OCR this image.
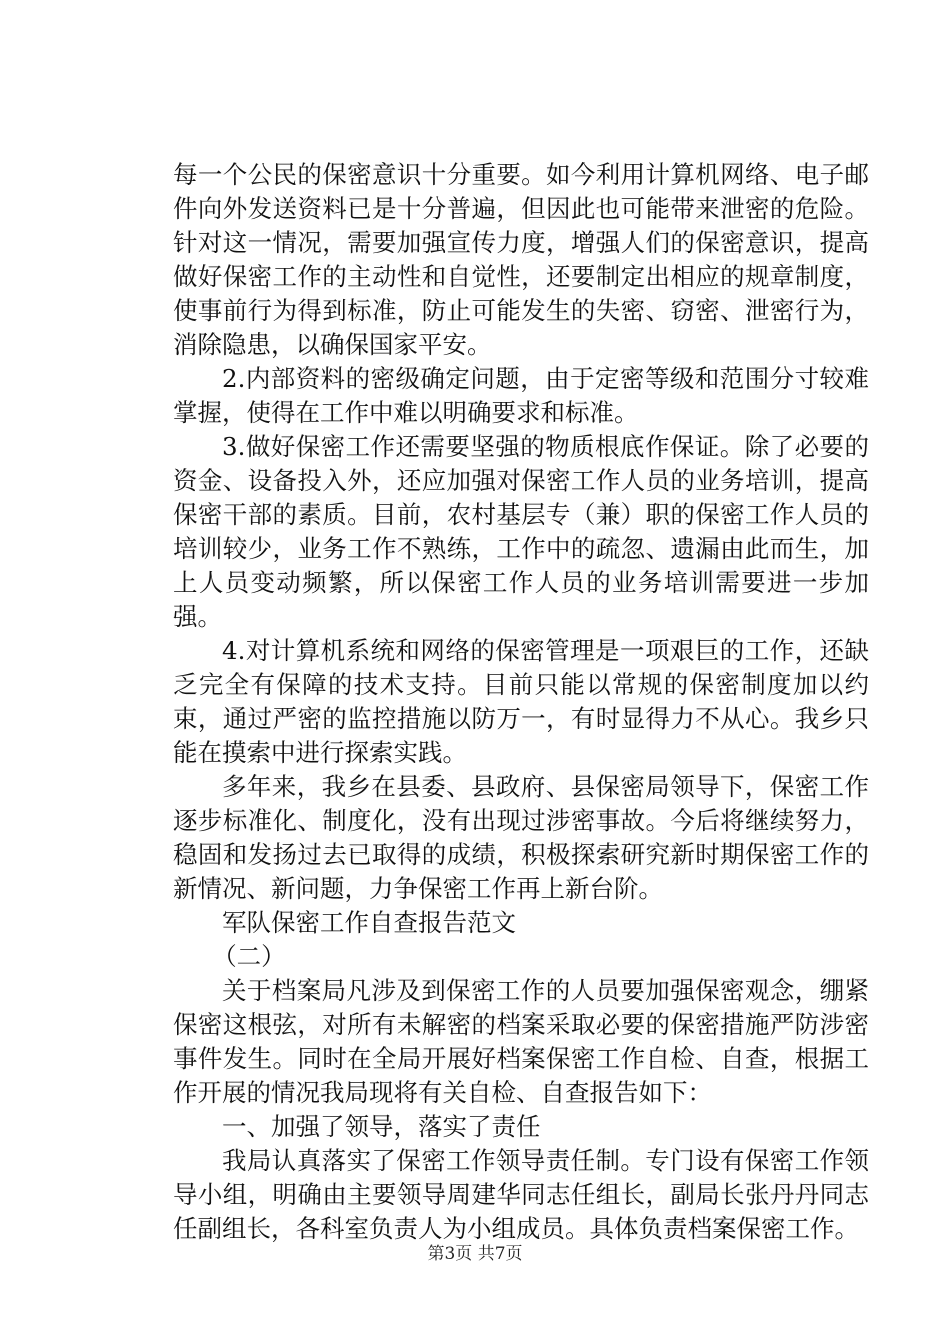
每一个公民的保密意识十分重要。如今利用计算机网络、电子邮件向外发送资料已是十分普遍，但因此也可能带来泄密的危险。针对这一情况，需要加强宣传力度，增强人们的保密意识，提高做好保密工作的主动性和自觉性，还要制定出相应的规章制度，使事前行为得到标准，防止可能发生的失密、窃密、泄密行为，消除隐患，以确保国家平安。

2.内部资料的密级确定问题，由于定密等级和范围分寸较难掌握，使得在工作中难以明确要求和标准。

3.做好保密工作还需要坚强的物质根底作保证。除了必要的资金、设备投入外，还应加强对保密工作人员的业务培训，提高保密干部的素质。目前，农村基层专（兼）职的保密工作人员的培训较少，业务工作不熟练，工作中的疏忽、遗漏由此而生，加上人员变动频繁，所以保密工作人员的业务培训需要进一步加强。

4.对计算机系统和网络的保密管理是一项艰巨的工作，还缺乏完全有保障的技术支持。目前只能以常规的保密制度加以约束，通过严密的监控措施以防万一，有时显得力不从心。我乡只能在摸索中进行探索实践。

多年来，我乡在县委、县政府、县保密局领导下，保密工作逐步标准化、制度化，没有出现过涉密事故。今后将继续努力，稳固和发扬过去已取得的成绩，积极探索研究新时期保密工作的新情况、新问题，力争保密工作再上新台阶。

军队保密工作自查报告范文

（二）

关于档案局凡涉及到保密工作的人员要加强保密观念，绷紧保密这根弦，对所有未解密的档案采取必要的保密措施严防涉密事件发生。同时在全局开展好档案保密工作自检、自查，根据工作开展的情况我局现将有关自检、自查报告如下：

一、加强了领导，落实了责任

我局认真落实了保密工作领导责任制。专门设有保密工作领导小组，明确由主要领导周建华同志任组长，副局长张丹丹同志任副组长，各科室负责人为小组成员。具体负责档案保密工作。

第3页 共7页
